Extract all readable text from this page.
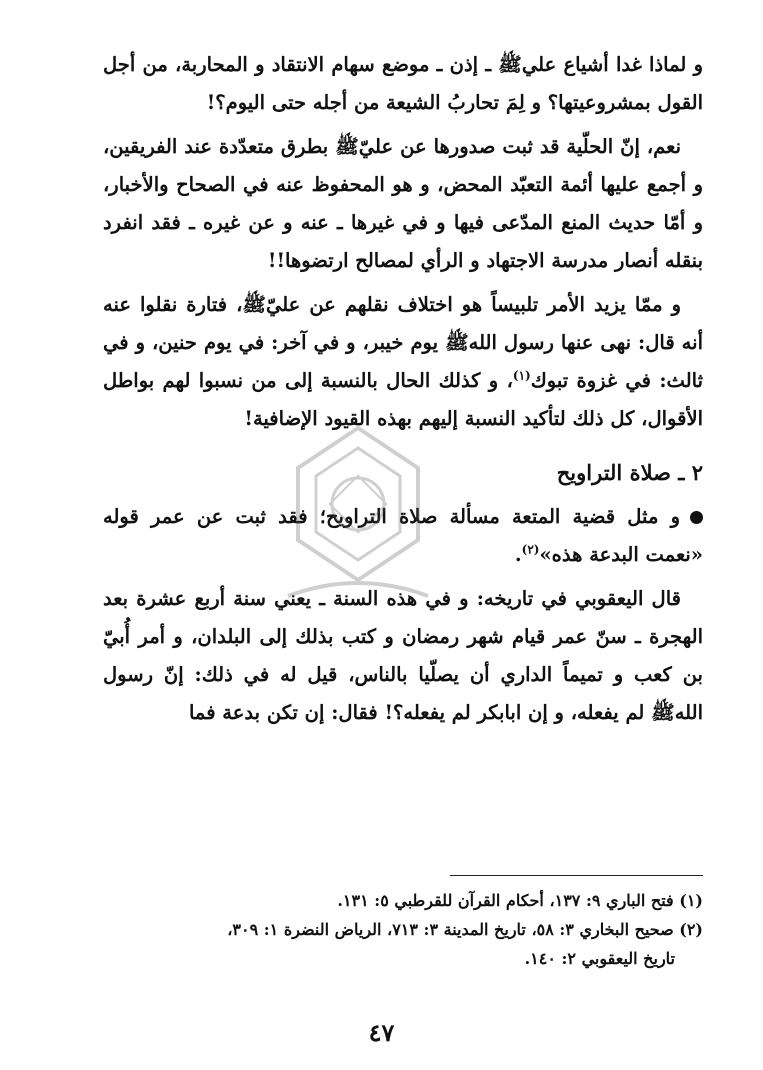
و لماذا غدا أشياع عليﷺ ـ إذن ـ موضع سهام الانتقاد و المحاربة، من أجل القول بمشروعيتها؟ و لِمَ تحاربُ الشيعة من أجله حتى اليوم؟!

نعم، إنّ الحلّية قد ثبت صدورها عن عليّﷺ بطرق متعدّدة عند الفريقين، و أجمع عليها أئمة التعبّد المحض، و هو المحفوظ عنه في الصحاح والأخبار، و أمّا حديث المنع المدّعى فيها و في غيرها ـ عنه و عن غيره ـ فقد انفرد بنقله أنصار مدرسة الاجتهاد و الرأي لمصالح ارتضوها!!

و ممّا يزيد الأمر تلبيساً هو اختلاف نقلهم عن عليّﷺ، فتارة نقلوا عنه أنه قال: نهى عنها رسول اللهﷺ يوم خيبر، و في آخر: في يوم حنين، و في ثالث: في غزوة تبوك$^{(١)}$، و كذلك الحال بالنسبة إلى من نسبوا لهم بواطل الأقوال، كل ذلك لتأكيد النسبة إليهم بهذه القيود الإضافية!

٢ ـ صلاة التراويح

و مثل قضية المتعة مسألة صلاة التراويح؛ فقد ثبت عن عمر قوله «نعمت البدعة هذه»$^{(٢)}$.

قال اليعقوبي في تاريخه: و في هذه السنة ـ يعني سنة أربع عشرة بعد الهجرة ـ سنّ عمر قيام شهر رمضان و كتب بذلك إلى البلدان، و أمر أُبيّ بن كعب و تميماً الداري أن يصلّيا بالناس، قيل له في ذلك: إنّ رسول اللهﷺ لم يفعله، و إن ابابكر لم يفعله؟! فقال: إن تكن بدعة فما

(١) فتح الباري ٩: ١٣٧، أحكام القرآن للقرطبي ٥: ١٣١.

(٢) صحيح البخاري ٣: ٥٨، تاريخ المدينة ٣: ٧١٣، الرياض النضرة ١: ٣٠٩،

تاريخ اليعقوبي ٢: ١٤٠.

٤٧
